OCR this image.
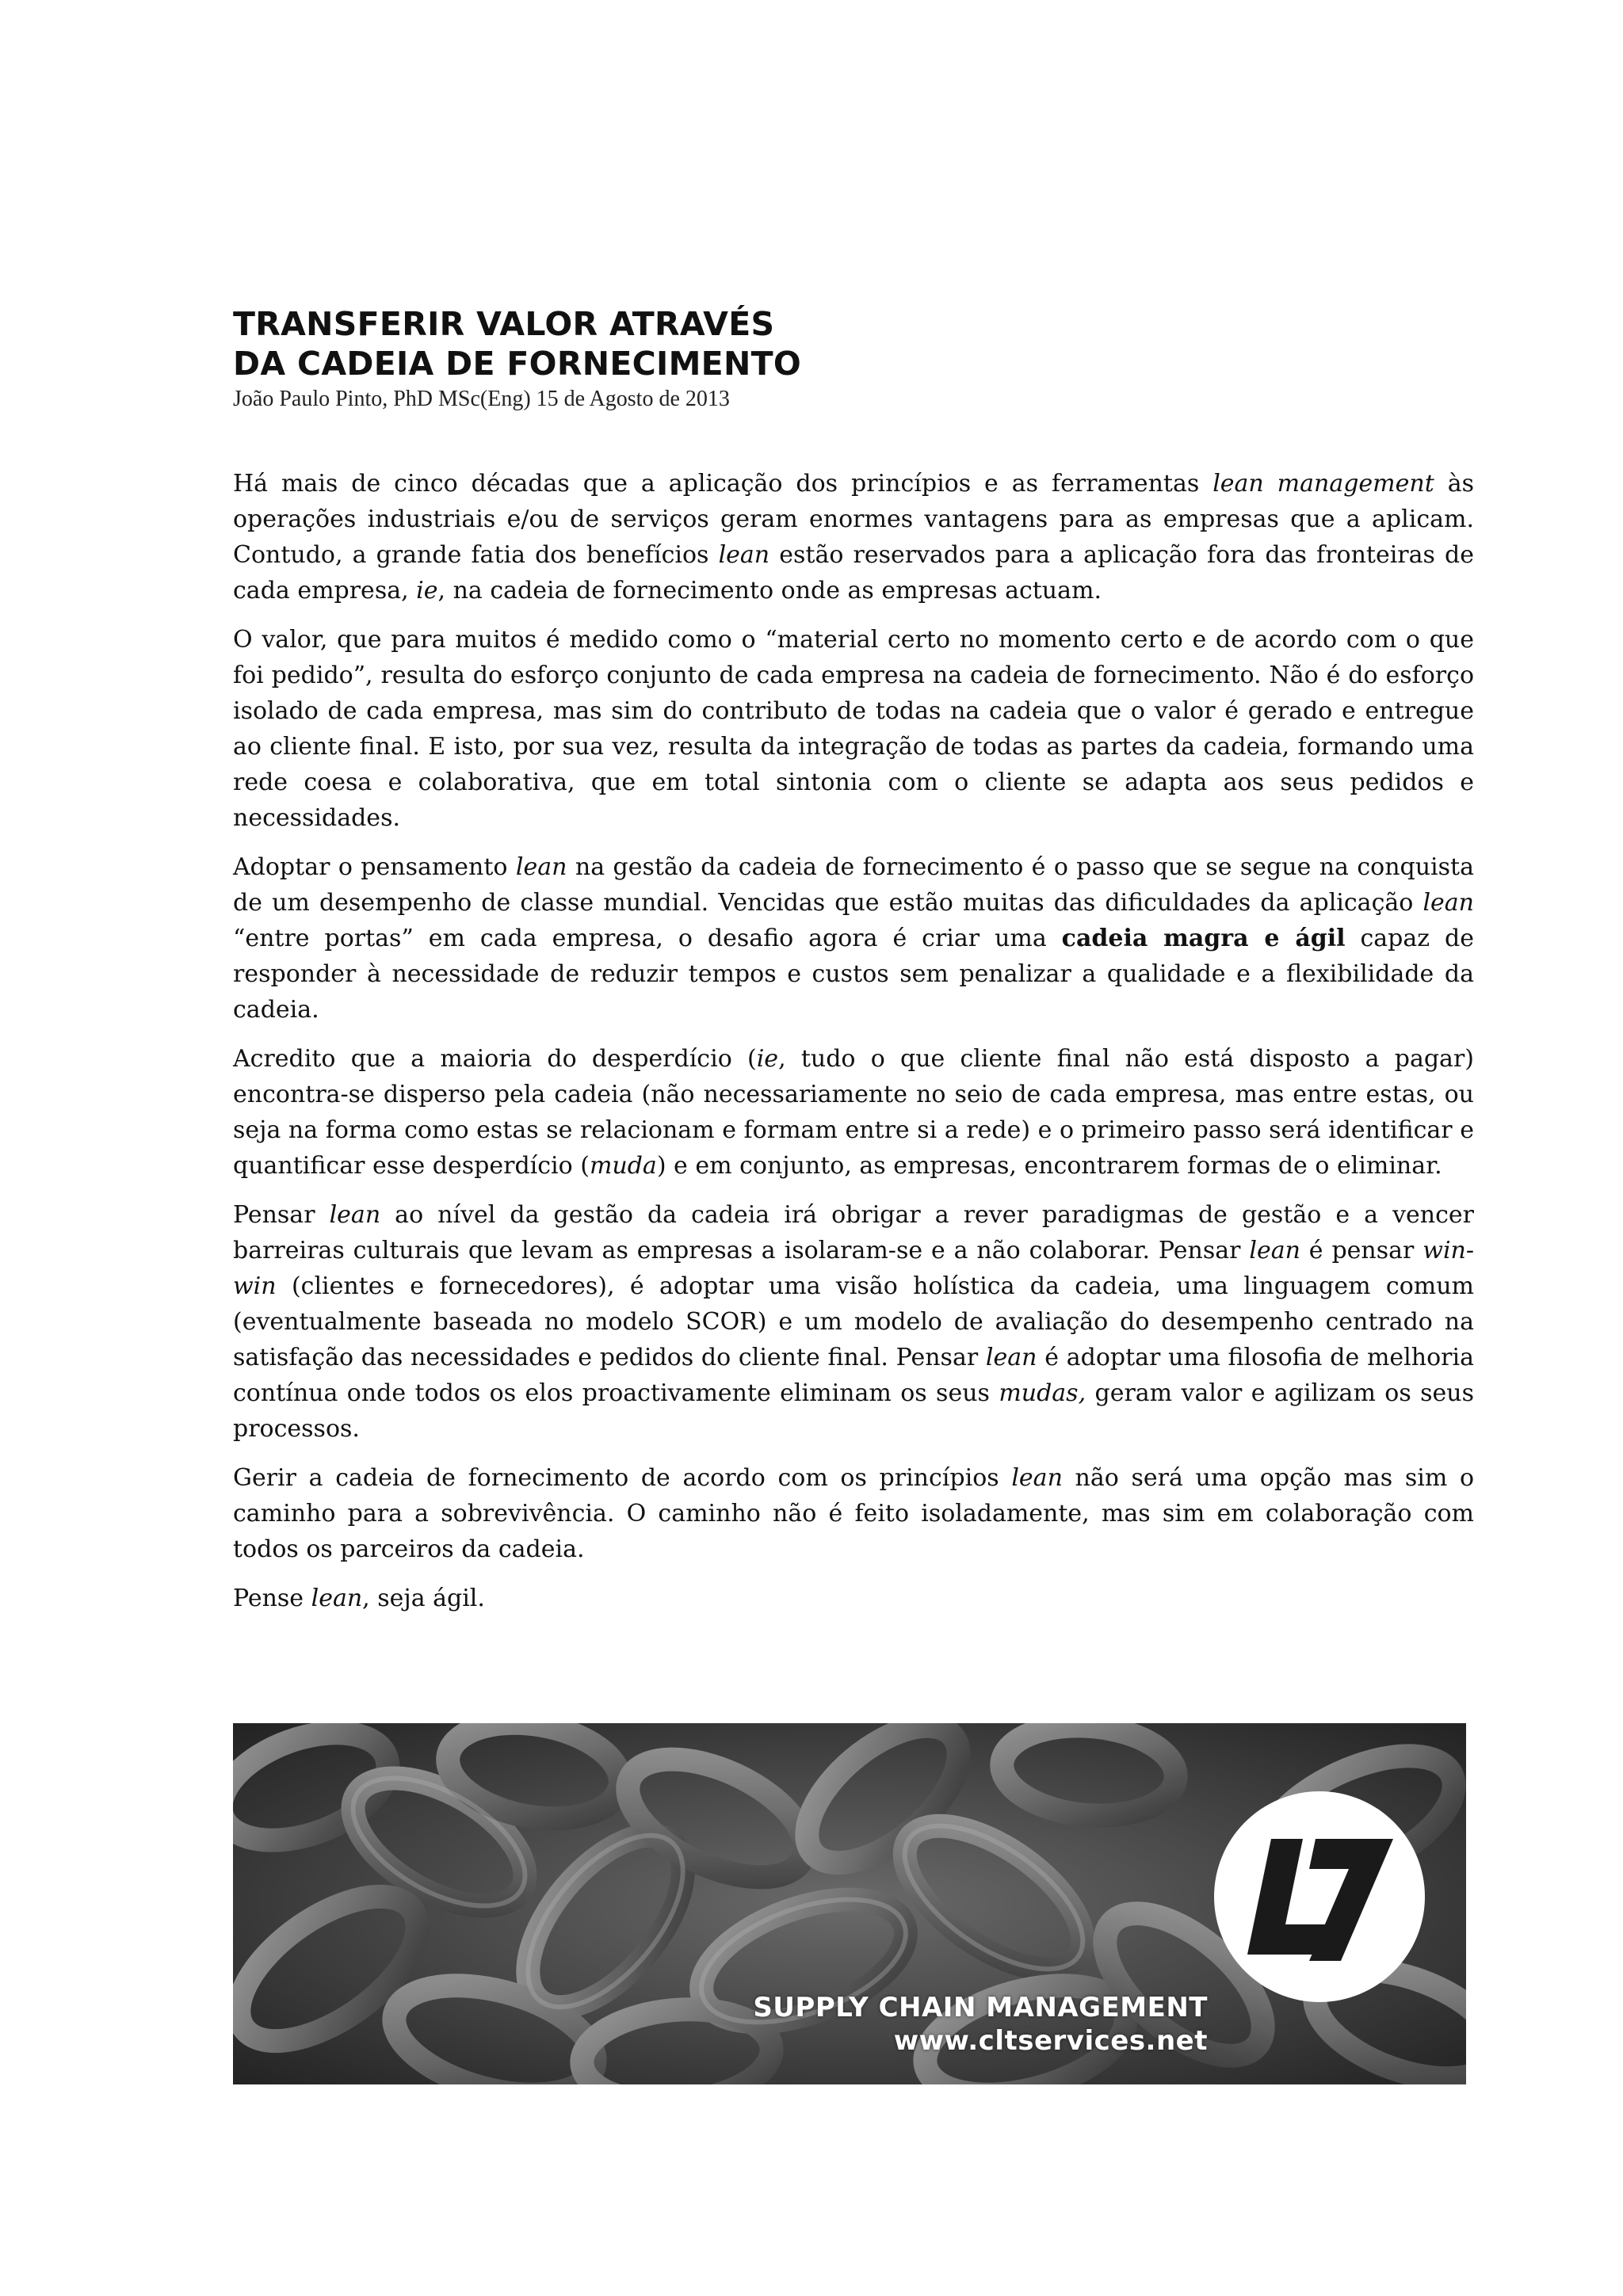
TRANSFERIR VALOR ATRAVÉS
DA CADEIA DE FORNECIMENTO
João Paulo Pinto, PhD MSc(Eng) 15 de Agosto de 2013

Há mais de cinco décadas que a aplicação dos princípios e as ferramentas lean management às operações industriais e/ou de serviços geram enormes vantagens para as empresas que a aplicam. Contudo, a grande fatia dos benefícios lean estão reservados para a aplicação fora das fronteiras de cada empresa, ie, na cadeia de fornecimento onde as empresas actuam.

O valor, que para muitos é medido como o “material certo no momento certo e de acordo com o que foi pedido”, resulta do esforço conjunto de cada empresa na cadeia de fornecimento. Não é do esforço isolado de cada empresa, mas sim do contributo de todas na cadeia que o valor é gerado e entregue ao cliente final. E isto, por sua vez, resulta da integração de todas as partes da cadeia, formando uma rede coesa e colaborativa, que em total sintonia com o cliente se adapta aos seus pedidos e necessidades.

Adoptar o pensamento lean na gestão da cadeia de fornecimento é o passo que se segue na conquista de um desempenho de classe mundial. Vencidas que estão muitas das dificuldades da aplicação lean “entre portas” em cada empresa, o desafio agora é criar uma cadeia magra e ágil capaz de responder à necessidade de reduzir tempos e custos sem penalizar a qualidade e a flexibilidade da cadeia.

Acredito que a maioria do desperdício (ie, tudo o que cliente final não está disposto a pagar) encontra-se disperso pela cadeia (não necessariamente no seio de cada empresa, mas entre estas, ou seja na forma como estas se relacionam e formam entre si a rede) e o primeiro passo será identificar e quantificar esse desperdício (muda) e em conjunto, as empresas, encontrarem formas de o eliminar.

Pensar lean ao nível da gestão da cadeia irá obrigar a rever paradigmas de gestão e a vencer barreiras culturais que levam as empresas a isolaram-se e a não colaborar. Pensar lean é pensar win-win (clientes e fornecedores), é adoptar uma visão holística da cadeia, uma linguagem comum (eventualmente baseada no modelo SCOR) e um modelo de avaliação do desempenho centrado na satisfação das necessidades e pedidos do cliente final. Pensar lean é adoptar uma filosofia de melhoria contínua onde todos os elos proactivamente eliminam os seus mudas, geram valor e agilizam os seus processos.

Gerir a cadeia de fornecimento de acordo com os princípios lean não será uma opção mas sim o caminho para a sobrevivência. O caminho não é feito isoladamente, mas sim em colaboração com todos os parceiros da cadeia.

Pense lean, seja ágil.

SUPPLY CHAIN MANAGEMENT
www.cltservices.net
